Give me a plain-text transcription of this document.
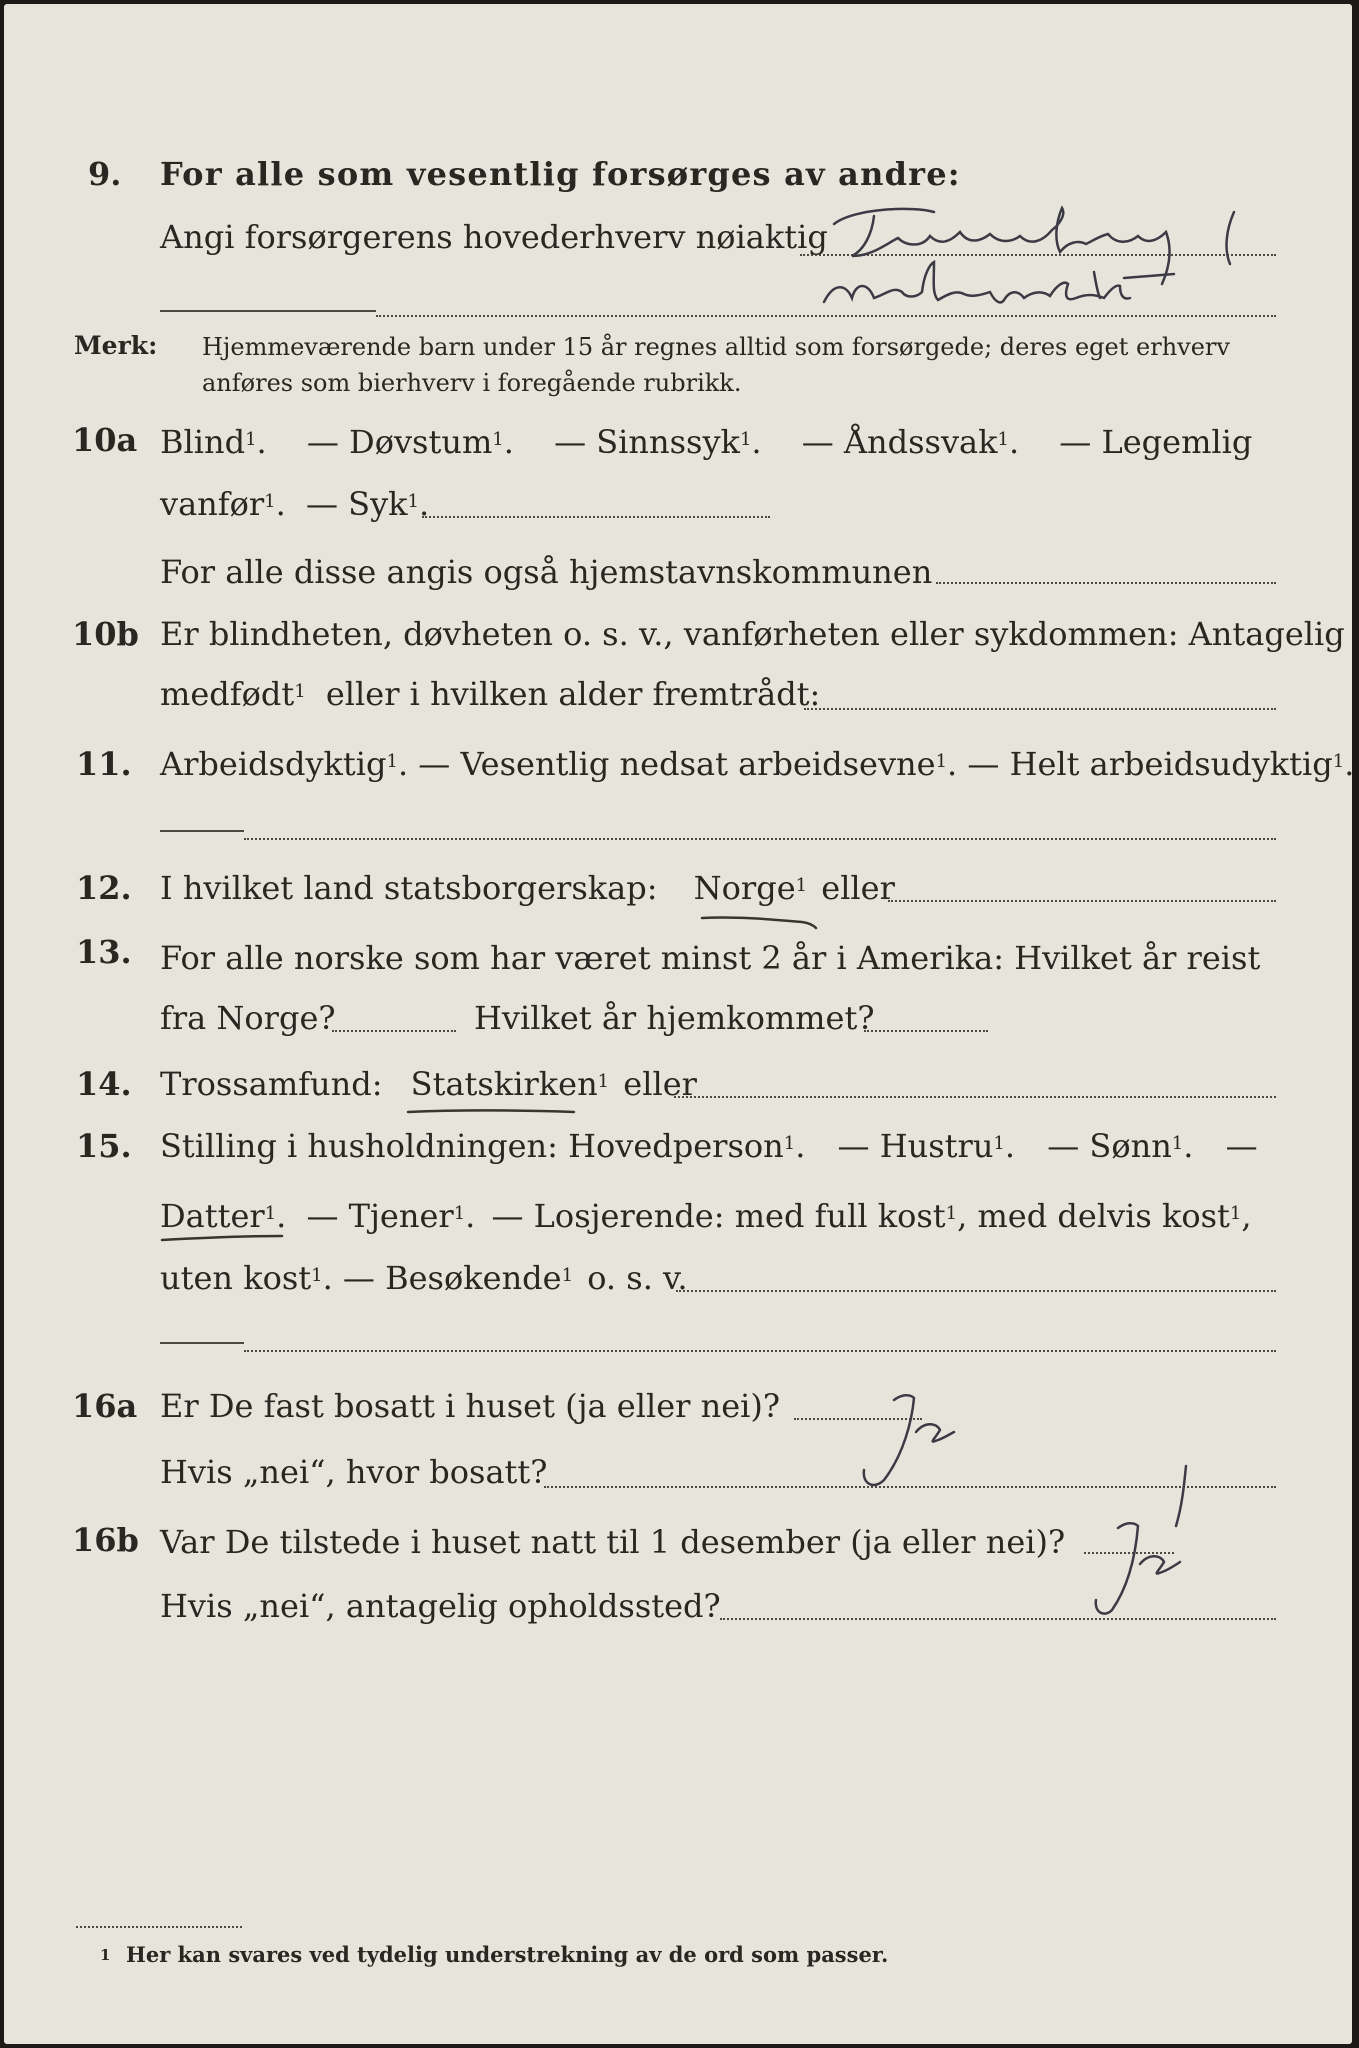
9. For alle som vesentlig forsørges av andre:
Angi forsørgerens hovederhverv nøiaktig
Merk: Hjemmeværende barn under 15 år regnes alltid som forsørgede; deres eget erhverv
anføres som bierhverv i foregående rubrikk.
10a Blind$^1$. — Døvstum$^1$. — Sinnssyk$^1$. — Åndssvak$^1$. — Legemlig
vanfør$^1$. — Syk$^1$.
For alle disse angis også hjemstavnskommunen
10b Er blindheten, døvheten o. s. v., vanførheten eller sykdommen: Antagelig
medfødt$^1$ eller i hvilken alder fremtrådt:
11. Arbeidsdyktig$^1$. — Vesentlig nedsat arbeidsevne$^1$. — Helt arbeidsudyktig$^1$.
12. I hvilket land statsborgerskap: Norge$^1$ eller
13. For alle norske som har været minst 2 år i Amerika: Hvilket år reist
fra Norge?	Hvilket år hjemkommet?
14. Trossamfund: Statskirken$^1$ eller
15. Stilling i husholdningen: Hovedperson$^1$. — Hustru$^1$. — Sønn$^1$. —
Datter$^1$. — Tjener$^1$. — Losjerende: med full kost$^1$, med delvis kost$^1$,
uten kost$^1$. — Besøkende$^1$ o. s. v.
16a Er De fast bosatt i huset (ja eller nei)?
Hvis „nei“, hvor bosatt?
16b Var De tilstede i huset natt til 1 desember (ja eller nei)?
Hvis „nei“, antagelig opholdssted?
1 Her kan svares ved tydelig understrekning av de ord som passer.
